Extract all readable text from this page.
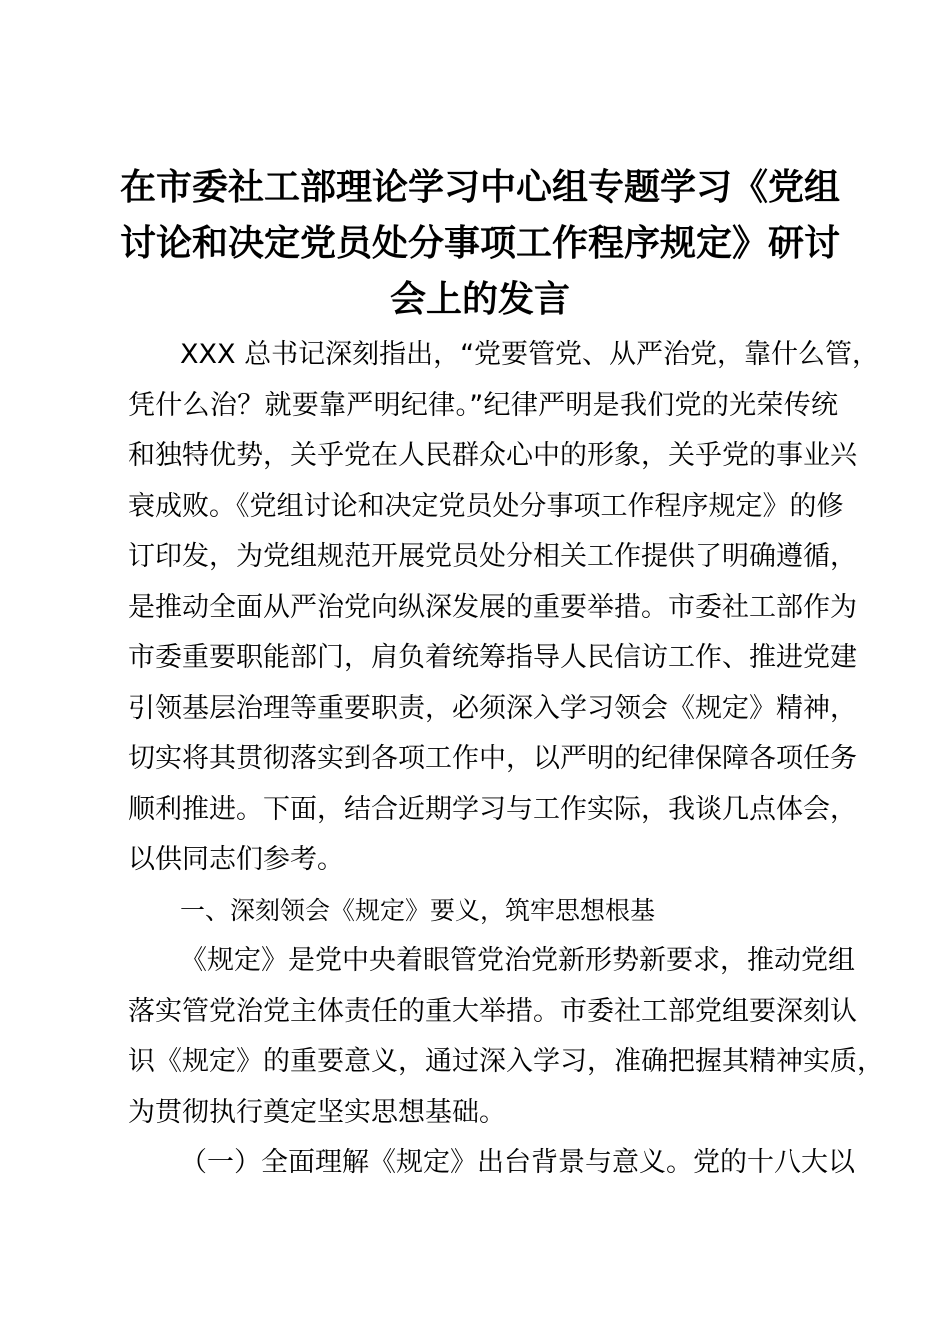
在市委社工部理论学习中心组专题学习《党组
讨论和决定党员处分事项工作程序规定》研讨
会上的发言
XXX 总书记深刻指出，“党要管党、从严治党，靠什么管，
凭什么治？就要靠严明纪律。”纪律严明是我们党的光荣传统
和独特优势，关乎党在人民群众心中的形象，关乎党的事业兴
衰成败。《党组讨论和决定党员处分事项工作程序规定》的修
订印发，为党组规范开展党员处分相关工作提供了明确遵循，
是推动全面从严治党向纵深发展的重要举措。市委社工部作为
市委重要职能部门，肩负着统筹指导人民信访工作、推进党建
引领基层治理等重要职责，必须深入学习领会《规定》精神，
切实将其贯彻落实到各项工作中，以严明的纪律保障各项任务
顺利推进。下面，结合近期学习与工作实际，我谈几点体会，
以供同志们参考。
一、深刻领会《规定》要义，筑牢思想根基
《规定》是党中央着眼管党治党新形势新要求，推动党组
落实管党治党主体责任的重大举措。市委社工部党组要深刻认
识《规定》的重要意义，通过深入学习，准确把握其精神实质，
为贯彻执行奠定坚实思想基础。
（一）全面理解《规定》出台背景与意义。党的十八大以
